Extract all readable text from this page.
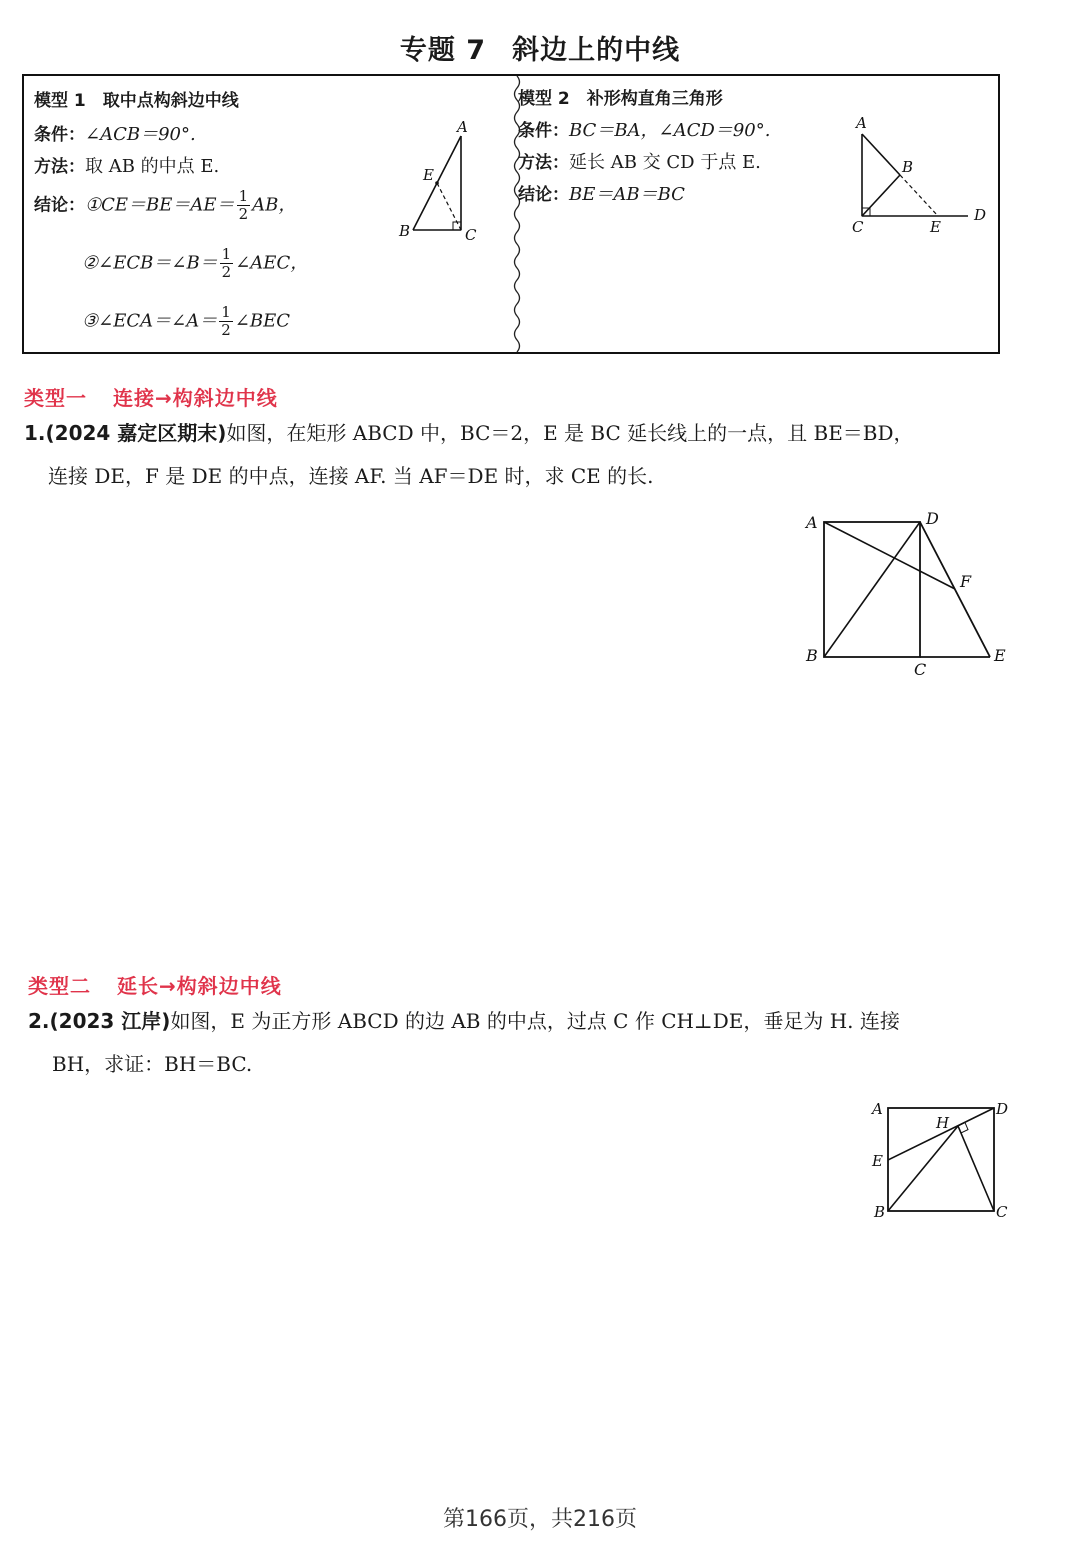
专题 7 斜边上的中线
模型 1　取中点构斜边中线
条件：∠ACB＝90°.
方法：取 AB 的中点 E.
结论：①CE＝BE＝AE＝ $\frac{1}{2}$ AB，
②∠ECB＝∠B＝ $\frac{1}{2}$ ∠AEC，
③∠ECA＝∠A＝ $\frac{1}{2}$ ∠BEC
A
E
B	C
模型 2　补形构直角三角形
条件：BC＝BA，∠ACD＝90°.
方法：延长 AB 交 CD 于点 E.
结论：BE＝AB＝BC
A
B
C	E
D
类型一 连接→构斜边中线
1.(2024 嘉定区期末)如图，在矩形 ABCD 中，BC＝2，E 是 BC 延长线上的一点，且 BE＝BD，
连接 DE，F 是 DE 的中点，连接 AF. 当 AF＝DE 时，求 CE 的长.
A	D
F
B
C
E
类型二 延长→构斜边中线
2.(2023 江岸)如图，E 为正方形 ABCD 的边 AB 的中点，过点 C 作 CH⊥DE，垂足为 H. 连接
BH，求证：BH＝BC.
A	D
H
E
B	C
第166页，共216页
